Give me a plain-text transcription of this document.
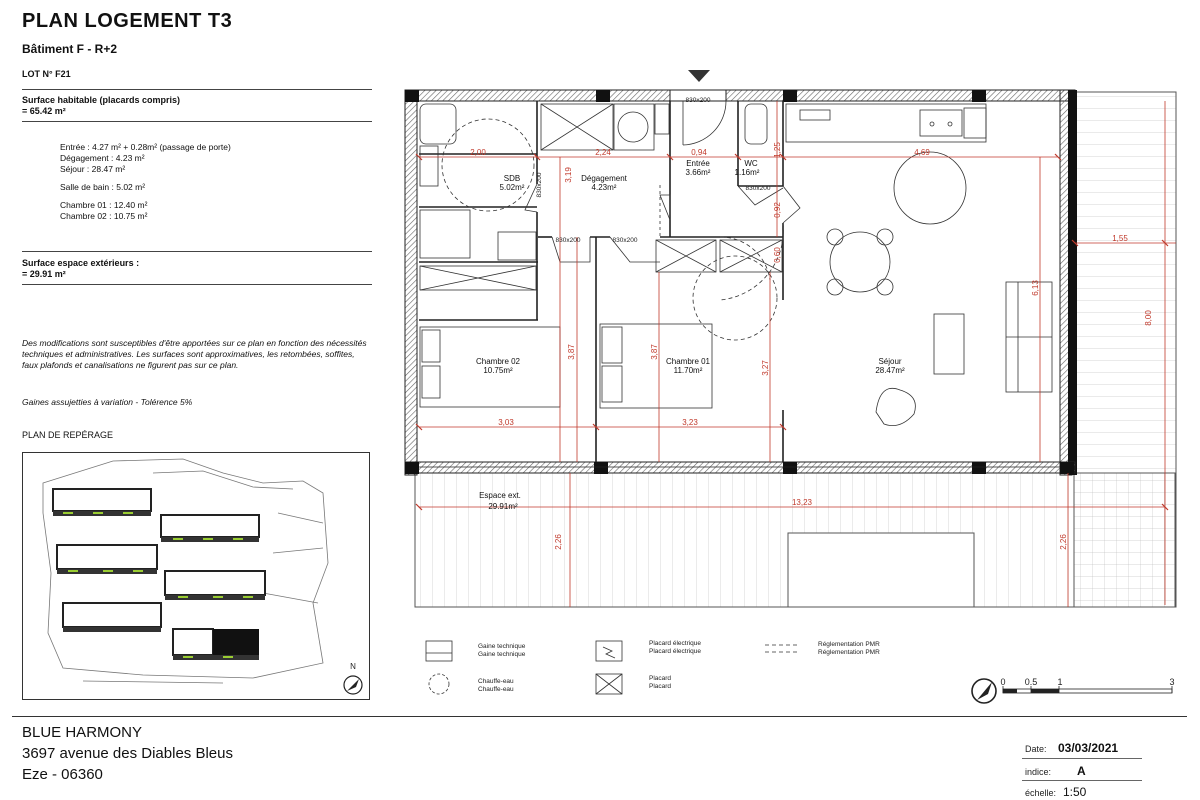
PLAN LOGEMENT T3
Bâtiment F - R+2
LOT N° F21
Surface habitable (placards compris)
= 65.42 m²
Entrée : 4.27 m² + 0.28m² (passage de porte)
Dégagement : 4.23 m²
Séjour : 28.47 m²
Salle de bain : 5.02 m²
Chambre 01 : 12.40 m²
Chambre 02 : 10.75 m²
Surface espace extérieurs :
= 29.91 m²
Des modifications sont susceptibles d'être apportées sur ce plan en fonction des nécessités techniques et administratives. Les surfaces sont approximatives, les retombées, soffites, faux plafonds et canalisations ne figurent pas sur ce plan.
Gaines assujetties à variation - Tolérence 5%
PLAN DE REPÉRAGE
N
2,00	2,24	0,94	4,69
3,03	3,23
1,55
13,23
1,25
3,19
0,92
0,60
3,87	3,87
3,27
6,13
8,00
2,26	2,26
830x200
830x200	830x200
830x200	830x200
SDB
5.02m²
Dégagement
4.23m²
Entrée
3.66m²
WC
1.16m²
Chambre 02
10.75m²
Chambre 01
11.70m²
Séjour
28.47m²
Espace ext.
29.91m²
Gaine technique
Gaine technique
Chauffe-eau
Chauffe-eau
Placard électrique
Placard électrique
Placard
Placard
Réglementation PMR
Réglementation PMR
0 0.5 1	3
BLUE HARMONY
3697 avenue des Diables Bleus
Eze - 06360
Date: 03/03/2021
indice: A
échelle: 1:50
